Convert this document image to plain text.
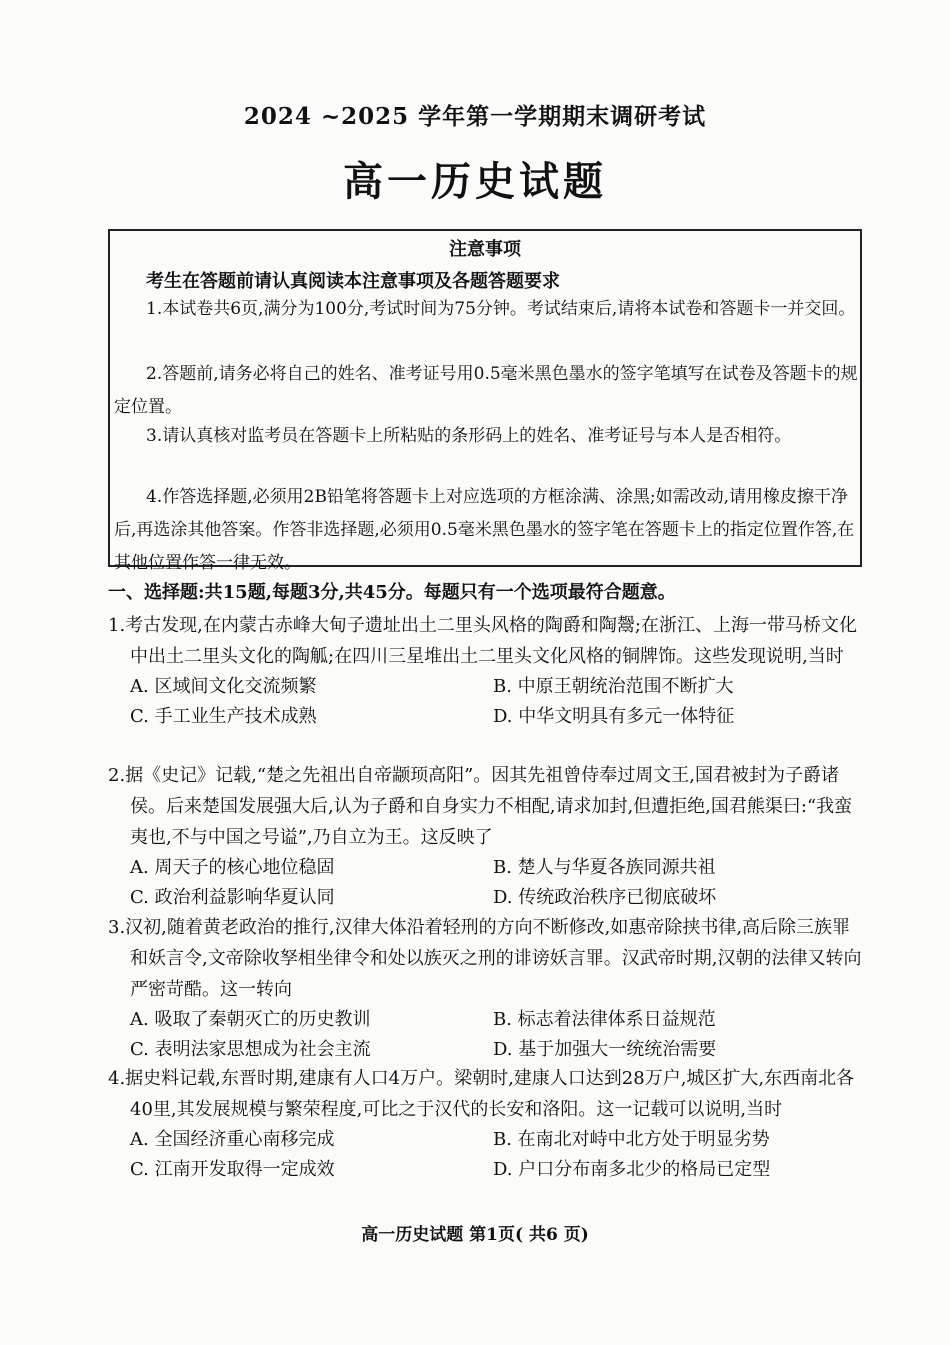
2024 ~2025 学年第一学期期末调研考试
高一历史试题
注意事项
考生在答题前请认真阅读本注意事项及各题答题要求
1.本试卷共6页,满分为100分,考试时间为75分钟。考试结束后,请将本试卷和答题卡一并交回。
2.答题前,请务必将自己的姓名、准考证号用0.5毫米黑色墨水的签字笔填写在试卷及答题卡的规定位置。
3.请认真核对监考员在答题卡上所粘贴的条形码上的姓名、准考证号与本人是否相符。
4.作答选择题,必须用2B铅笔将答题卡上对应选项的方框涂满、涂黑;如需改动,请用橡皮擦干净后,再选涂其他答案。作答非选择题,必须用0.5毫米黑色墨水的签字笔在答题卡上的指定位置作答,在其他位置作答一律无效。
一、选择题:共15题,每题3分,共45分。每题只有一个选项最符合题意。
1.考古发现,在内蒙古赤峰大甸子遗址出土二里头风格的陶爵和陶鬶;在浙江、上海一带马桥文化中出土二里头文化的陶觚;在四川三星堆出土二里头文化风格的铜牌饰。这些发现说明,当时
A. 区域间文化交流频繁	B. 中原王朝统治范围不断扩大
C. 手工业生产技术成熟	D. 中华文明具有多元一体特征
2.据《史记》记载,“楚之先祖出自帝颛顼高阳”。因其先祖曾侍奉过周文王,国君被封为子爵诸侯。后来楚国发展强大后,认为子爵和自身实力不相配,请求加封,但遭拒绝,国君熊渠曰:“我蛮夷也,不与中国之号谥”,乃自立为王。这反映了
A. 周天子的核心地位稳固	B. 楚人与华夏各族同源共祖
C. 政治利益影响华夏认同	D. 传统政治秩序已彻底破坏
3.汉初,随着黄老政治的推行,汉律大体沿着轻刑的方向不断修改,如惠帝除挟书律,高后除三族罪和妖言令,文帝除收孥相坐律令和处以族灭之刑的诽谤妖言罪。汉武帝时期,汉朝的法律又转向严密苛酷。这一转向
A. 吸取了秦朝灭亡的历史教训	B. 标志着法律体系日益规范
C. 表明法家思想成为社会主流	D. 基于加强大一统统治需要
4.据史料记载,东晋时期,建康有人口4万户。梁朝时,建康人口达到28万户,城区扩大,东西南北各40里,其发展规模与繁荣程度,可比之于汉代的长安和洛阳。这一记载可以说明,当时
A. 全国经济重心南移完成	B. 在南北对峙中北方处于明显劣势
C. 江南开发取得一定成效	D. 户口分布南多北少的格局已定型
高一历史试题 第1页( 共6 页)
